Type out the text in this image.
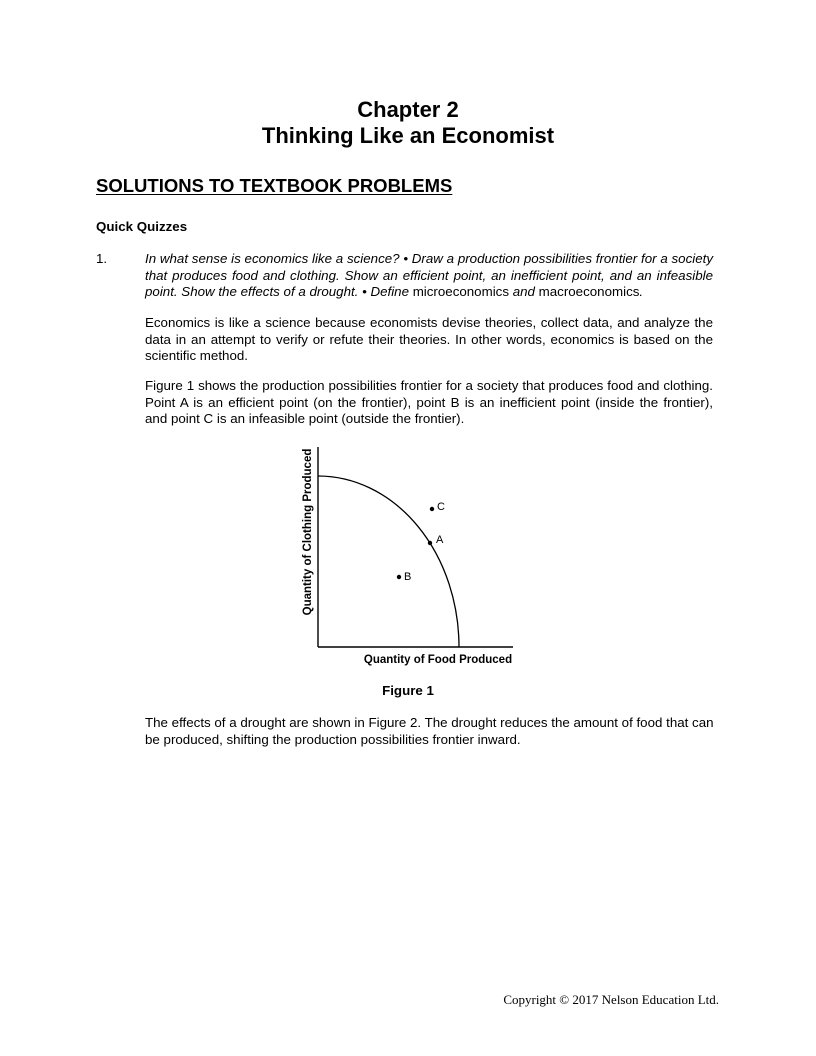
Chapter 2
Thinking Like an Economist
SOLUTIONS TO TEXTBOOK PROBLEMS
Quick Quizzes
1.	In what sense is economics like a science? • Draw a production possibilities frontier for a society
that produces food and clothing. Show an efficient point, an inefficient point, and an infeasible
point. Show the effects of a drought. • Define microeconomics and macroeconomics.
Economics is like a science because economists devise theories, collect data, and analyze the
data in an attempt to verify or refute their theories. In other words, economics is based on the
scientific method.
Figure 1 shows the production possibilities frontier for a society that produces food and clothing.
Point A is an efficient point (on the frontier), point B is an inefficient point (inside the frontier),
and point C is an infeasible point (outside the frontier).
C
A
B
Quantity of Clothing Produced
Quantity of Food Produced
Figure 1
The effects of a drought are shown in Figure 2. The drought reduces the amount of food that can
be produced, shifting the production possibilities frontier inward.
Copyright © 2017 Nelson Education Ltd.
